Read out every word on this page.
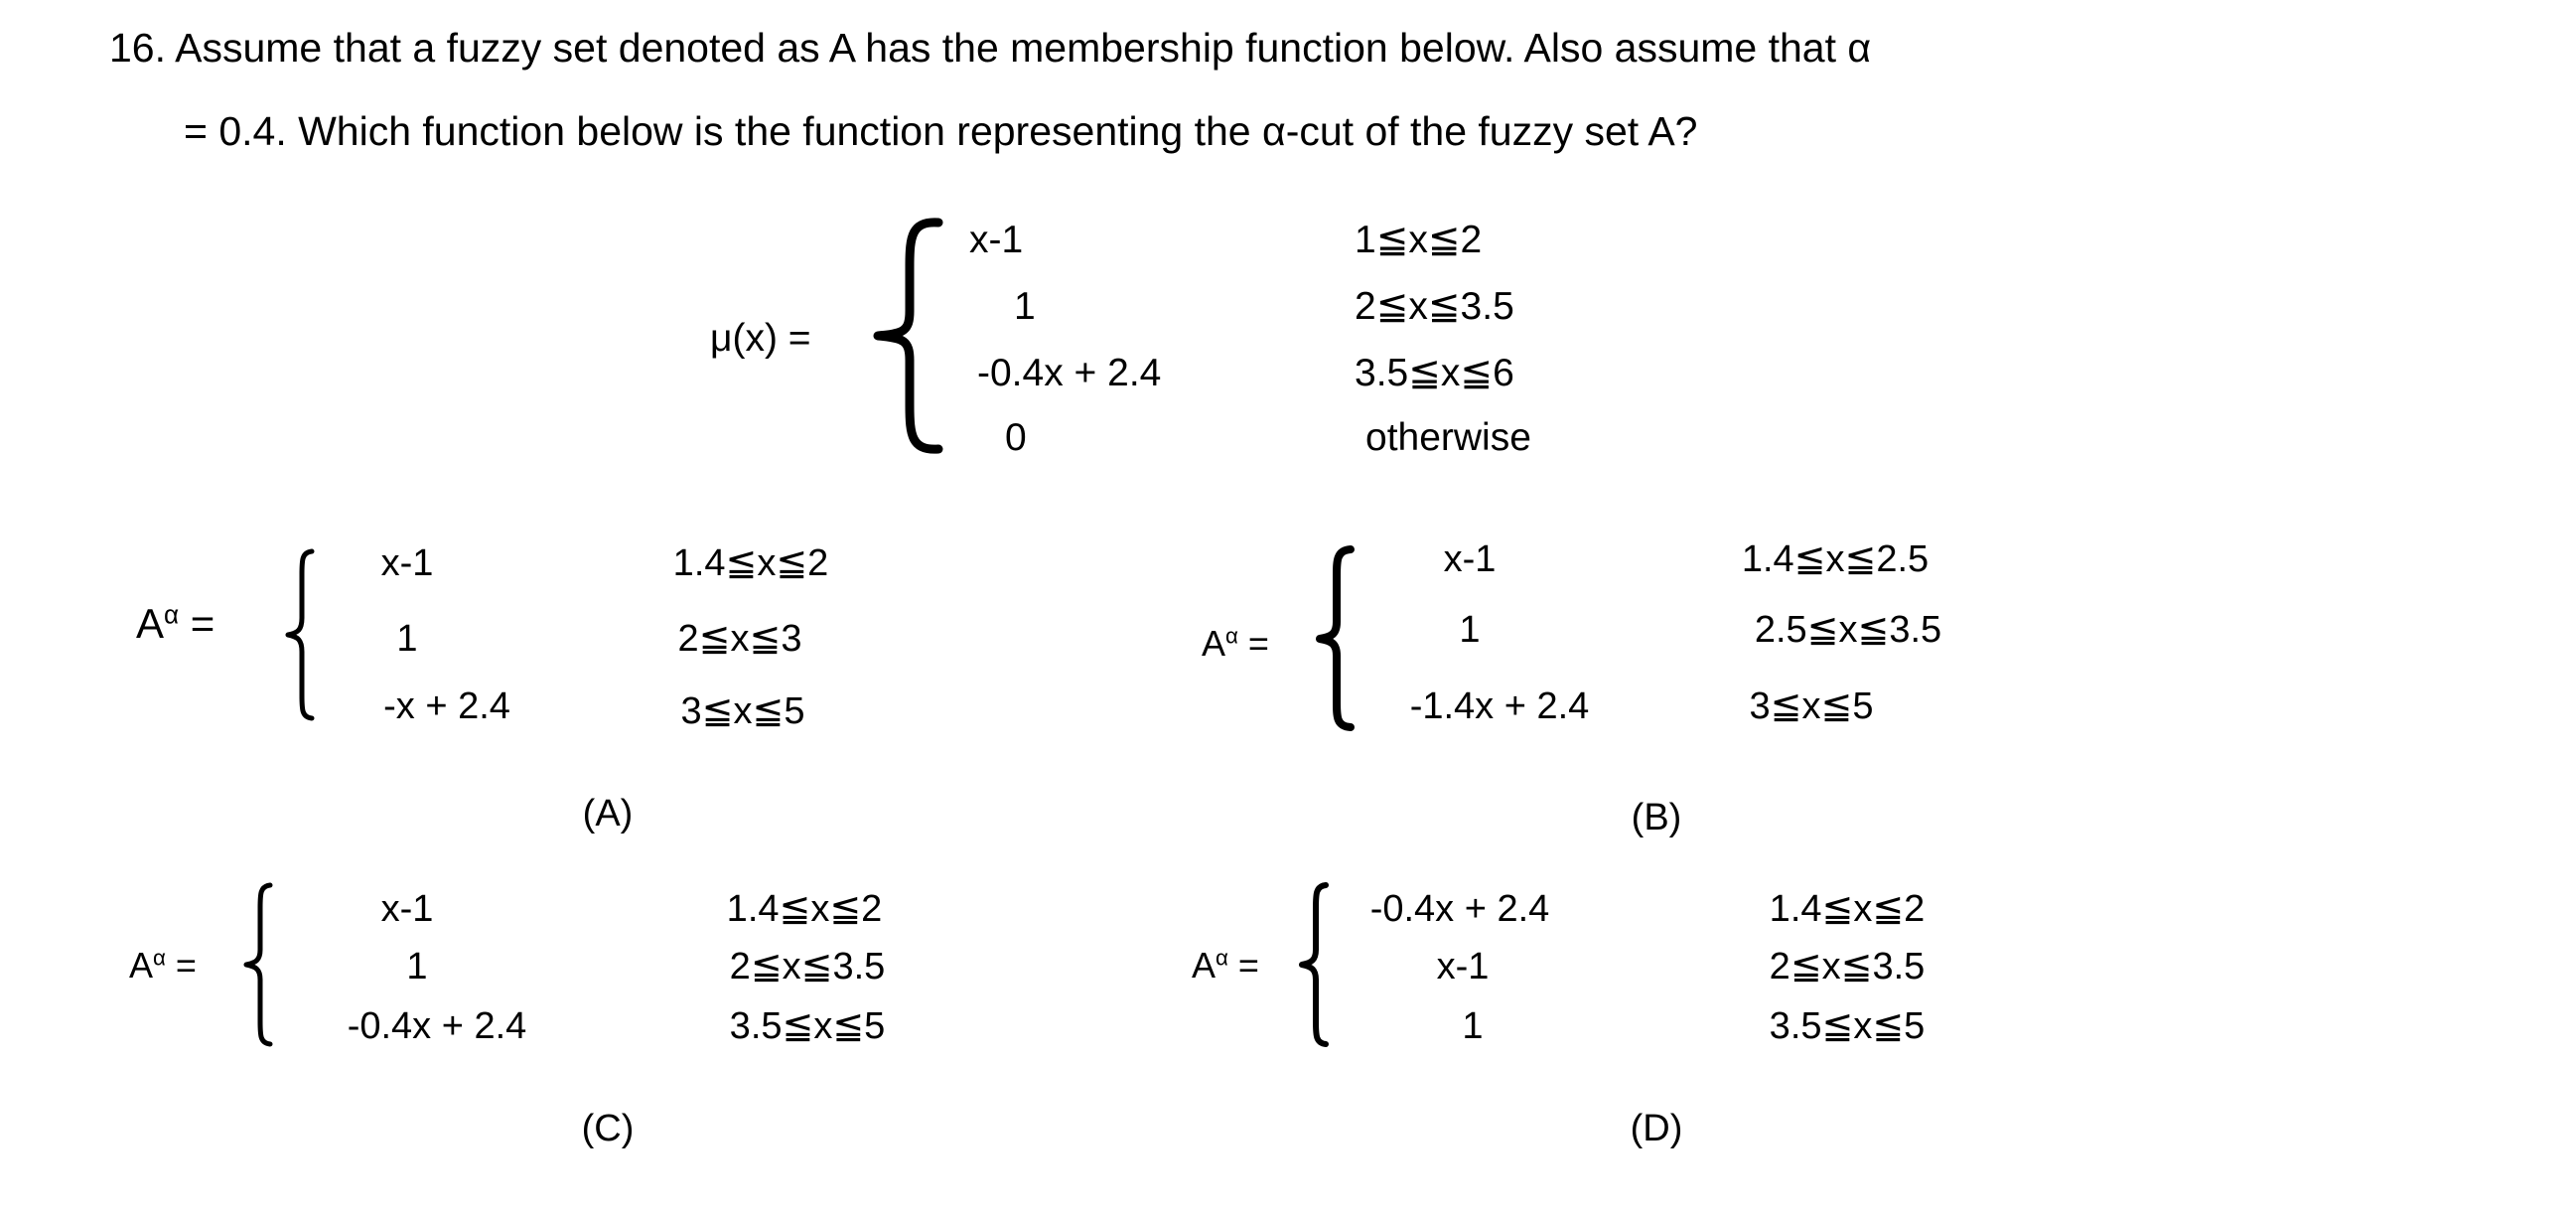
16. Assume that a fuzzy set denoted as A has the membership function below. Also assume that α
= 0.4. Which function below is the function representing the α-cut of the fuzzy set A?
μ(x) =
x-1
1
-0.4x + 2.4
0
1≦x≦2
2≦x≦3.5
3.5≦x≦6
otherwise
$A^\alpha$ =
x-1
1
-x + 2.4
1.4≦x≦2
2≦x≦3
3≦x≦5
(A)
$A^\alpha$ =
x-1
1
-1.4x + 2.4
1.4≦x≦2.5
2.5≦x≦3.5
3≦x≦5
(B)
$A^\alpha$ =
x-1
1
-0.4x + 2.4
1.4≦x≦2
2≦x≦3.5
3.5≦x≦5
(C)
$A^\alpha$ =
-0.4x + 2.4
x-1
1
1.4≦x≦2
2≦x≦3.5
3.5≦x≦5
(D)
